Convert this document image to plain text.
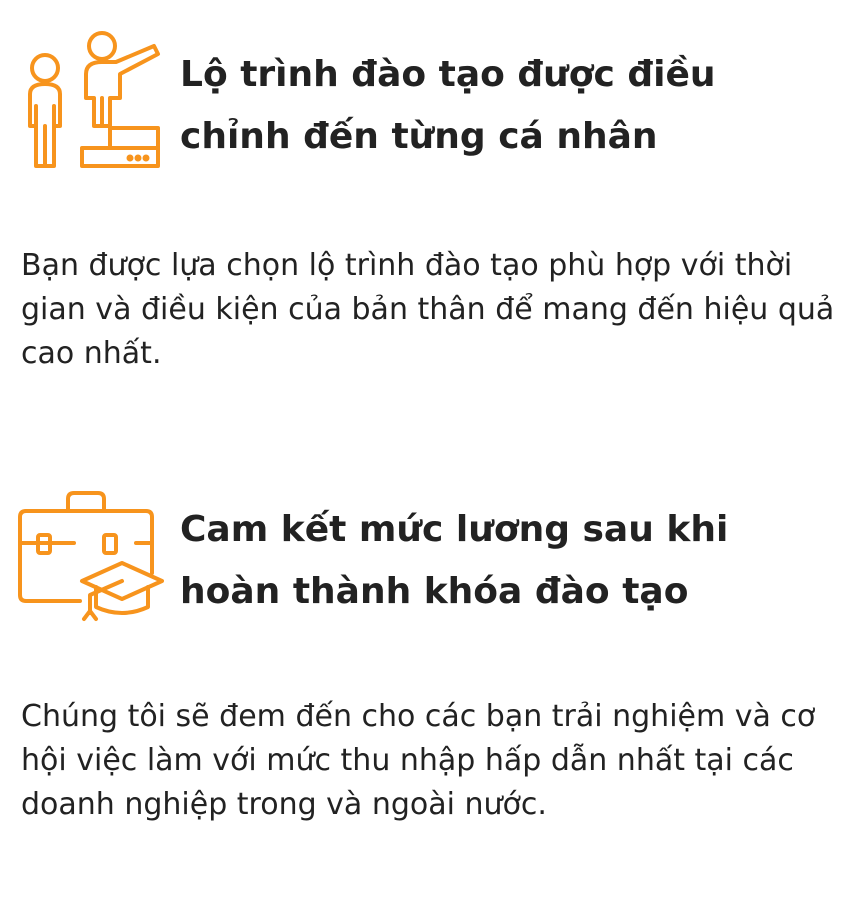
Lộ trình đào tạo được điều chỉnh đến từng cá nhân

Bạn được lựa chọn lộ trình đào tạo phù hợp với thời gian và điều kiện của bản thân để mang đến hiệu quả cao nhất.

Cam kết mức lương sau khi hoàn thành khóa đào tạo

Chúng tôi sẽ đem đến cho các bạn trải nghiệm và cơ hội việc làm với mức thu nhập hấp dẫn nhất tại các doanh nghiệp trong và ngoài nước.
